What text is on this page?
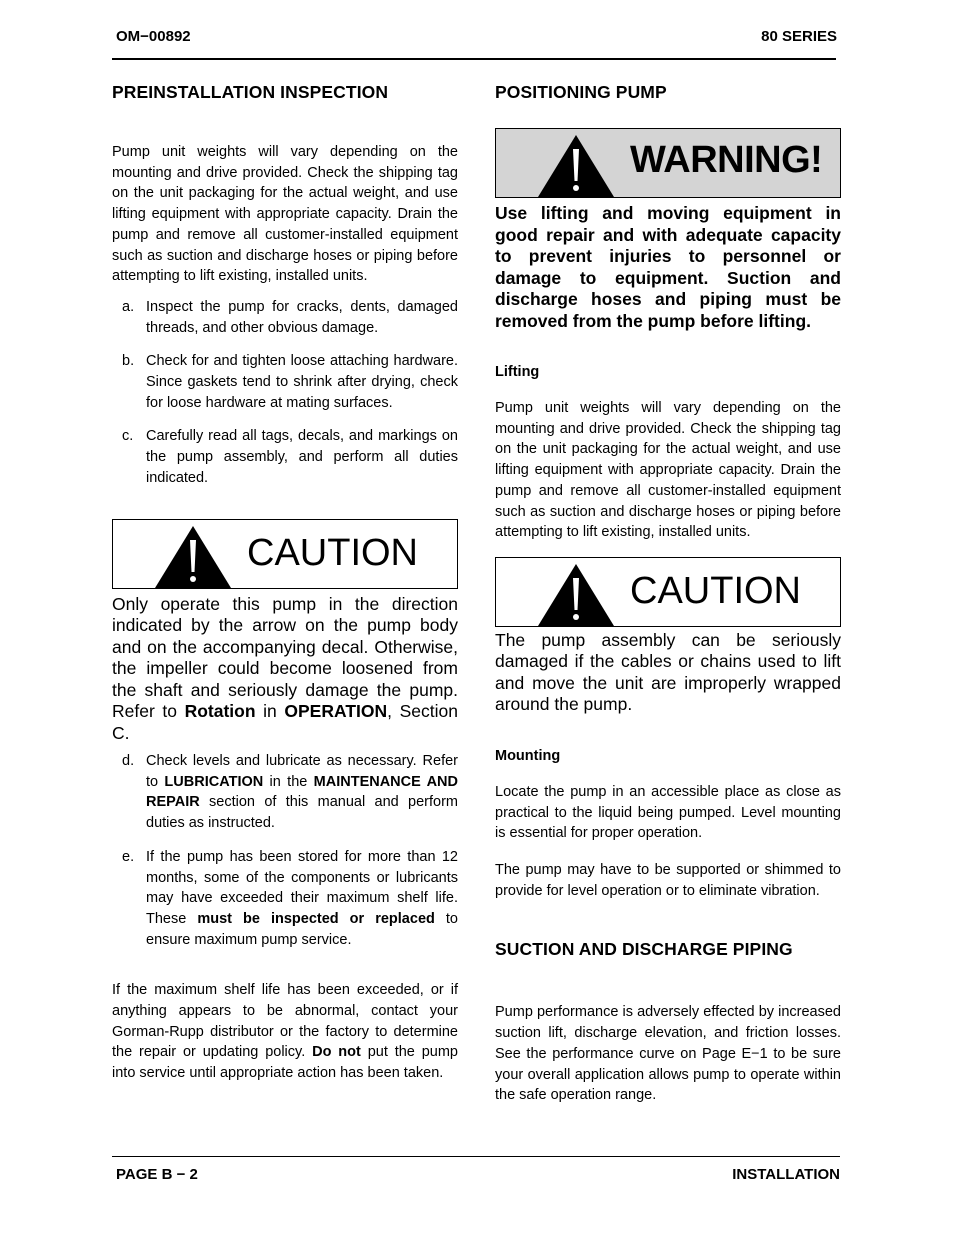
OM−00892	80 SERIES
PREINSTALLATION INSPECTION

Pump unit weights will vary depending on the mounting and drive provided. Check the shipping tag on the unit packaging for the actual weight, and use lifting equipment with appropriate capacity. Drain the pump and remove all customer-installed equipment such as suction and discharge hoses or piping before attempting to lift existing, installed units.

a. Inspect the pump for cracks, dents, damaged threads, and other obvious damage.
b. Check for and tighten loose attaching hardware. Since gaskets tend to shrink after drying, check for loose hardware at mating surfaces.
c. Carefully read all tags, decals, and markings on the pump assembly, and perform all duties indicated.
CAUTION

Only operate this pump in the direction indicated by the arrow on the pump body and on the accompanying decal. Otherwise, the impeller could become loosened from the shaft and seriously damage the pump. Refer to Rotation in OPERATION, Section C.

d. Check levels and lubricate as necessary. Refer to LUBRICATION in the MAINTENANCE AND REPAIR section of this manual and perform duties as instructed.
e. If the pump has been stored for more than 12 months, some of the components or lubricants may have exceeded their maximum shelf life. These must be inspected or replaced to ensure maximum pump service.

If the maximum shelf life has been exceeded, or if anything appears to be abnormal, contact your Gorman-Rupp distributor or the factory to determine the repair or updating policy. Do not put the pump into service until appropriate action has been taken.

POSITIONING PUMP
WARNING!

Use lifting and moving equipment in good repair and with adequate capacity to prevent injuries to personnel or damage to equipment. Suction and discharge hoses and piping must be removed from the pump before lifting.

Lifting

Pump unit weights will vary depending on the mounting and drive provided. Check the shipping tag on the unit packaging for the actual weight, and use lifting equipment with appropriate capacity. Drain the pump and remove all customer-installed equipment such as suction and discharge hoses or piping before attempting to lift existing, installed units.

CAUTION

The pump assembly can be seriously damaged if the cables or chains used to lift and move the unit are improperly wrapped around the pump.

Mounting

Locate the pump in an accessible place as close as practical to the liquid being pumped. Level mounting is essential for proper operation.

The pump may have to be supported or shimmed to provide for level operation or to eliminate vibration.

SUCTION AND DISCHARGE PIPING

Pump performance is adversely effected by increased suction lift, discharge elevation, and friction losses. See the performance curve on Page E−1 to be sure your overall application allows pump to operate within the safe operation range.

PAGE B − 2	INSTALLATION
